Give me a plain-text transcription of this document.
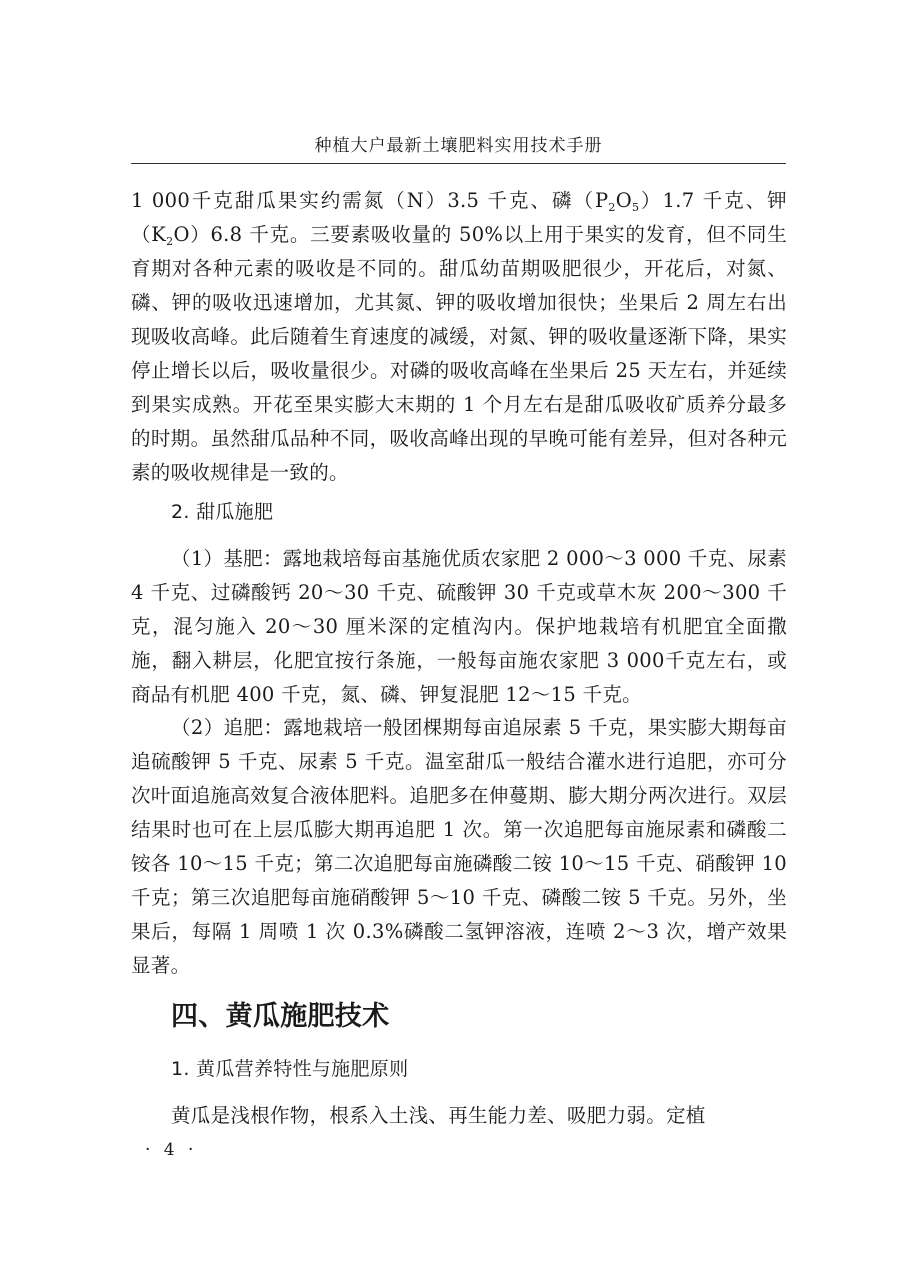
种植大户最新土壤肥料实用技术手册

1 000千克甜瓜果实约需氮（N）3.5 千克、磷$(P_2O_5)1.7$ 千克、钾$(K_2O)6.8$ 千克。三要素吸收量的 50%以上用于果实的发育，但不同生育期对各种元素的吸收是不同的。甜瓜幼苗期吸肥很少，开花后，对氮、磷、钾的吸收迅速增加，尤其氮、钾的吸收增加很快；坐果后 2 周左右出现吸收高峰。此后随着生育速度的减缓，对氮、钾的吸收量逐渐下降，果实停止增长以后，吸收量很少。对磷的吸收高峰在坐果后 25 天左右，并延续到果实成熟。开花至果实膨大末期的 1 个月左右是甜瓜吸收矿质养分最多的时期。虽然甜瓜品种不同，吸收高峰出现的早晚可能有差异，但对各种元素的吸收规律是一致的。

2. 甜瓜施肥

（1）基肥：露地栽培每亩基施优质农家肥 2 000～3 000 千克、尿素 4 千克、过磷酸钙 20～30 千克、硫酸钾 30 千克或草木灰 200～300 千克，混匀施入 20～30 厘米深的定植沟内。保护地栽培有机肥宜全面撒施，翻入耕层，化肥宜按行条施，一般每亩施农家肥 3 000千克左右，或商品有机肥 400 千克，氮、磷、钾复混肥 12～15 千克。

（2）追肥：露地栽培一般团棵期每亩追尿素 5 千克，果实膨大期每亩追硫酸钾 5 千克、尿素 5 千克。温室甜瓜一般结合灌水进行追肥，亦可分次叶面追施高效复合液体肥料。追肥多在伸蔓期、膨大期分两次进行。双层结果时也可在上层瓜膨大期再追肥 1 次。第一次追肥每亩施尿素和磷酸二铵各 10～15 千克；第二次追肥每亩施磷酸二铵 10～15 千克、硝酸钾 10 千克；第三次追肥每亩施硝酸钾 5～10 千克、磷酸二铵 5 千克。另外，坐果后，每隔 1 周喷 1 次 0.3%磷酸二氢钾溶液，连喷 2～3 次，增产效果显著。

四、黄瓜施肥技术

1. 黄瓜营养特性与施肥原则

黄瓜是浅根作物，根系入土浅、再生能力差、吸肥力弱。定植

· 4 ·
